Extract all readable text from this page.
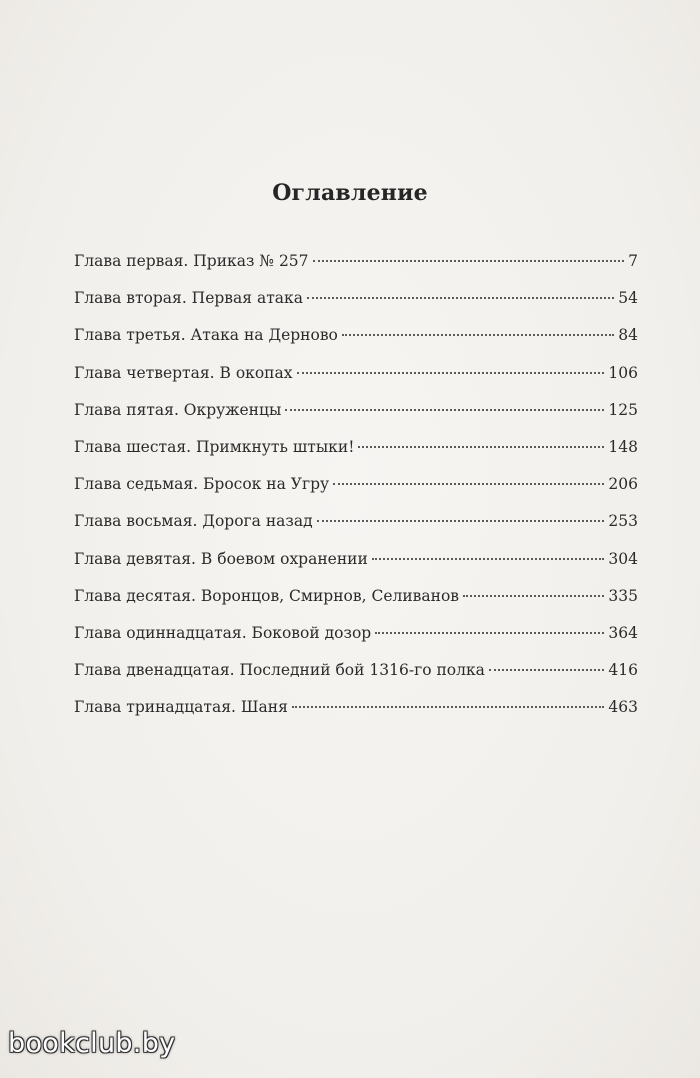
Оглавление
Глава первая. Приказ № 257	7
Глава вторая. Первая атака	54
Глава третья. Атака на Дерново	84
Глава четвертая. В окопах	106
Глава пятая. Окруженцы	125
Глава шестая. Примкнуть штыки!	148
Глава седьмая. Бросок на Угру	206
Глава восьмая. Дорога назад	253
Глава девятая. В боевом охранении	304
Глава десятая. Воронцов, Смирнов, Селиванов	335
Глава одиннадцатая. Боковой дозор	364
Глава двенадцатая. Последний бой 1316-го полка	416
Глава тринадцатая. Шаня	463
bookclub.by
